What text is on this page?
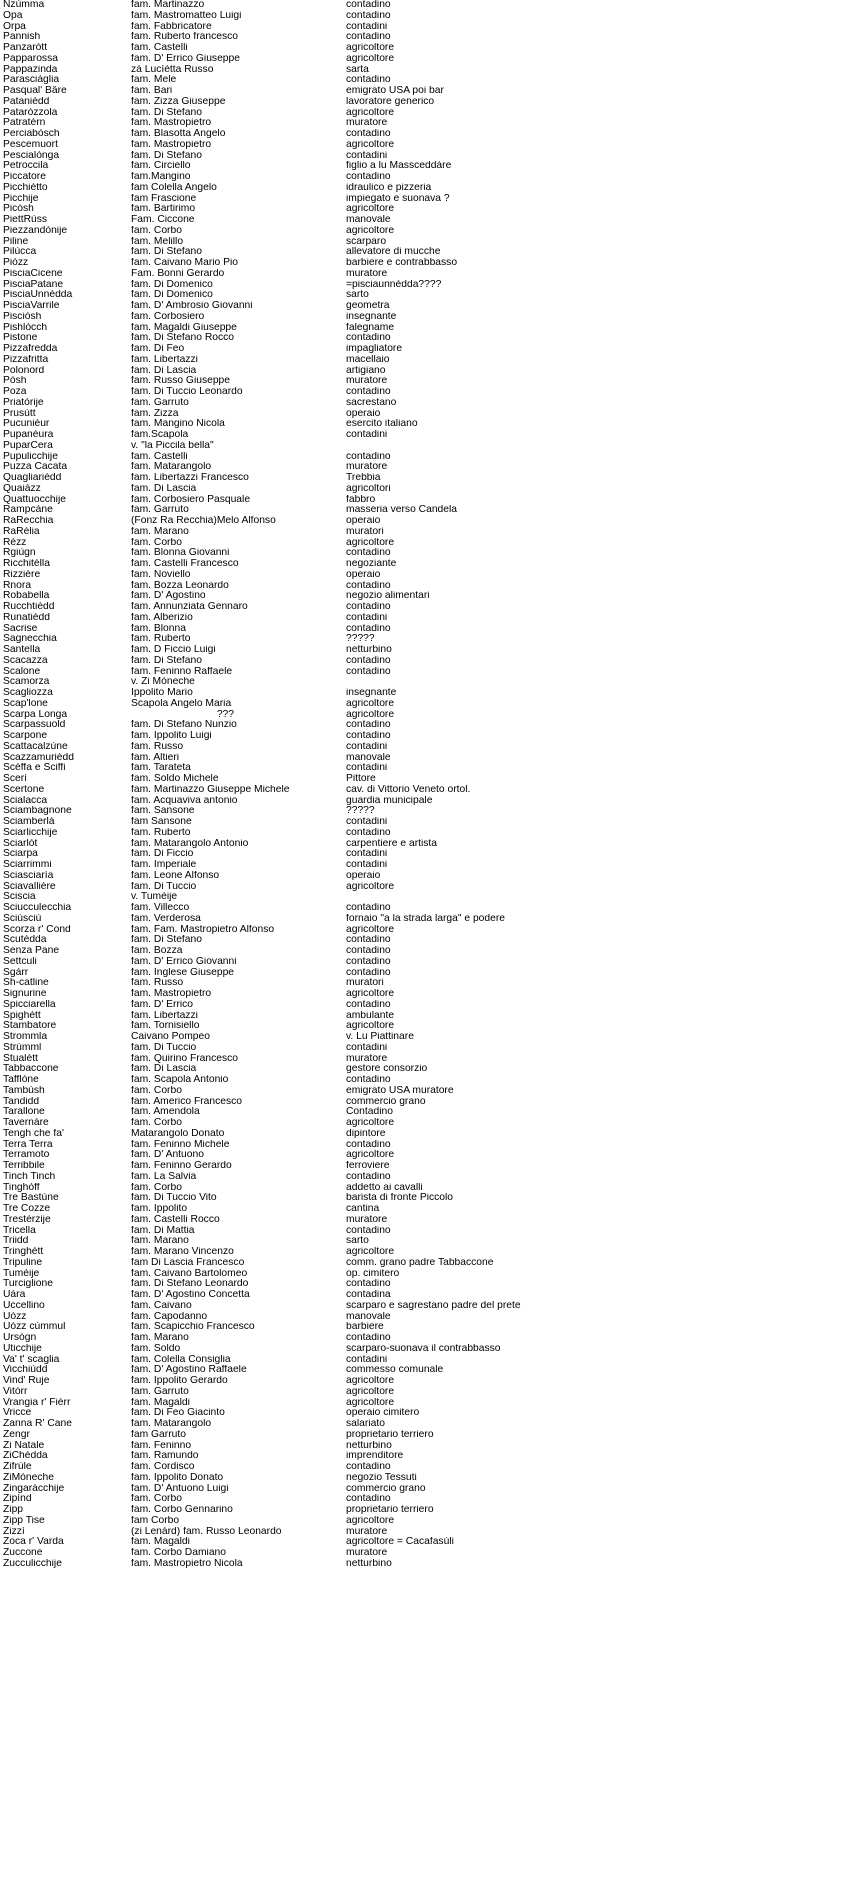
Nzùmma	fam. Martinazzo	contadino
Opa	fam. Mastromatteo Luigi	contadino
Orpa	fam. Fabbricatore	contadini
Pannish	fam. Ruberto francesco	contadino
Panzaròtt	fam. Castelli	agricoltore
Papparossa	fam. D' Errico Giuseppe	agricoltore
Pappazinda	zà Lucìètta Russo	sarta
Parasciàglia	fam. Mele	contadino
Pasqual' Bâre	fam. Bari	emigrato USA poi bar
Pataniédd	fam. Zizza Giuseppe	lavoratore generico
Pataròzzola	fam. Di Stefano	agricoltore
Patratèrn	fam. Mastropietro	muratore
Perciabòsch	fam. Blasotta Angelo	contadino
Pescemuort	fam. Mastropietro	agricoltore
Pescialònga	fam. Di Stefano	contadini
Petroccila	fam. Circiello	figlio a lu Massceddàre
Piccatore	fam.Mangino	contadino
Picchiètto	fam Colella Angelo	idraulico e pizzeria
Picchije	fam Frascione	impiegato e suonava ?
Picòsh	fam. Bartirimo	agricoltore
PiettRùss	Fam. Ciccone	manovale
Piezzandònije	fam. Corbo	agricoltore
Piline	fam. Melillo	scarparo
Pilùcca	fam. Di Stefano	allevatore di mucche
Piòzz	fam. Caivano Mario Pio	barbiere e contrabbasso
PisciaCicene	Fam. Bonni Gerardo	muratore
PisciaPatane	fam. Di Domenico	=pisciaunnèdda????
PisciaUnnèdda	fam. Di Domenico	sarto
PisciaVarrile	fam. D' Ambrosio Giovanni	geometra
Pisciòsh	fam. Corbosiero	insegnante
Pishlòcch	fam. Magaldi Giuseppe	falegname
Pistone	fam. Di Stefano Rocco	contadino
Pizzafredda	fam. Di Feo	impagliatore
Pizzafritta	fam. Libertazzi	macellaio
Polonord	fam. Di Lascia	artigiano
Pòsh	fam. Russo Giuseppe	muratore
Poza	fam. Di Tuccio Leonardo	contadino
Priatòrije	fam. Garruto	sacrestano
Prusùtt	fam. Zizza	operaio
Pucuniéur	fam. Mangino Nicola	esercito italiano
Pupanèura	fam.Scapola	contadini
PuparCera	v. "la Piccila bella"
Pupulicchije	fam. Castelli	contadino
Puzza Cacata	fam. Matarangolo	muratore
Quagliariédd	fam. Libertazzi Francesco	Trebbia
Quaiàzz	fam. Di Lascia	agricoltori
Quattuocchije	fam. Corbosiero Pasquale	fabbro
Rampcàne	fam. Garruto	masseria verso Candela
RaRecchia	(Fonz Ra Recchia)Melo Alfonso	operaio
RaRèlia	fam. Marano	muratori
Rézz	fam. Corbo	agricoltore
Rgiùgn	fam. Blonna Giovanni	contadino
Ricchitèlla	fam. Castelli Francesco	negoziante
Rizziére	fam. Noviello	operaio
Rnora	fam. Bozza Leonardo	contadino
Robabella	fam. D' Agostino	negozio alimentari
Rucchtiédd	fam. Annunziata Gennaro	contadino
Runatiédd	fam. Alberizio	contadini
Sacrise	fam. Blonna	contadino
Sagnecchia	fam. Ruberto	?????
Santella	fam. D Ficcio Luigi	netturbino
Scacazza	fam. Di Stefano	contadino
Scalone	fam. Feninno Raffaele	contadino
Scamorza	v. Zi Mòneche
Scagliozza	Ippolito Mario	insegnante
Scap'lone	Scapola Angelo Maria	agricoltore
Scarpa Longa	???	agricoltore
Scarpassuold	fam. Di Stefano Nunzio	contadino
Scarpone	fam. Ippolito Luigi	contadino
Scattacalzùne	fam. Russo	contadini
Scazzamuriédd	fam. Altieri	manovale
Scéffa e Sciffi	fam. Tarateta	contadini
Scerì	fam. Soldo Michele	Pittore
Scertone	fam. Martinazzo Giuseppe Michele	cav. di Vittorio Veneto ortol.
Scialacca	fam. Acquaviva antonio	guardia municipale
Sciambagnone	fam. Sansone	?????
Sciamberlà	fam Sansone	contadini
Sciarlicchije	fam. Ruberto	contadino
Sciarlòt	fam. Matarangolo Antonio	carpentiere e artista
Sciarpa	fam. Di Ficcio	contadini
Sciarrimmi	fam. Imperiale	contadini
Sciasciarìa	fam. Leone Alfonso	operaio
Sciavalliére	fam. Di Tuccio	agricoltore
Sciscia	v. Tumèije
Sciucculecchia	fam. Villecco	contadino
Sciùsciù	fam. Verderosa	fornaio "a la strada larga" e podere
Scorza r' Cond	fam. Fam. Mastropietro Alfonso	agricoltore
Scutèdda	fam. Di Stefano	contadino
Senza Pane	fam. Bozza	contadino
Settculi	fam. D' Errico Giovanni	contadino
Sgàrr	fam. Inglese Giuseppe	contadino
Sh-catline	fam. Russo	muratori
Signurine	fam. Mastropietro	agricoltore
Spicciarella	fam. D' Errico	contadino
Spighètt	fam. Libertazzi	ambulante
Stambatore	fam. Tornisiello	agricoltore
Strommla	Caivano Pompeo	v. Lu Piattinare
Strùmml	fam. Di Tuccio	contadini
Stualètt	fam. Quirino Francesco	muratore
Tabbaccone	fam. Di Lascia	gestore consorzio
Tafflòne	fam. Scapola Antonio	contadino
Tambùsh	fam. Corbo	emigrato USA muratore
Tandidd	fam. Americo Francesco	commercio grano
Tarallone	fam. Amendola	Contadino
Tavernàre	fam. Corbo	agricoltore
Tengh che fa'	Matarangolo Donato	dipintore
Terra Terra	fam. Feninno Michele	contadino
Terramoto	fam. D' Antuono	agricoltore
Terribbile	fam. Feninno Gerardo	ferroviere
Tinch Tinch	fam. La Salvia	contadino
Tinghòff	fam. Corbo	addetto ai cavalli
Tre Bastùne	fam. Di Tuccio Vito	barista di fronte Piccolo
Tre Cozze	fam. Ippolito	cantina
Trestèrzije	fam. Castelli Rocco	muratore
Tricella	fam. Di Mattia	contadino
Triidd	fam. Marano	sarto
Tringhètt	fam. Marano Vincenzo	agricoltore
Tripuline	fam Di Lascia Francesco	comm. grano padre Tabbaccone
Tumèije	fam. Caivano Bartolomeo	op. cimitero
Turciglione	fam. Di Stefano Leonardo	contadino
Uàra	fam. D' Agostino Concetta	contadina
Uccellino	fam. Caivano	scarparo e sagrestano padre del prete
Uòzz	fam. Capodanno	manovale
Uòzz cùmmul	fam. Scapicchio Francesco	barbiere
Ursògn	fam. Marano	contadino
Uticchije	fam. Soldo	scarparo-suonava il contrabbasso
Va' t' scaglia	fam. Colella Consiglia	contadini
Vicchiùdd	fam. D' Agostino Raffaele	commesso comunale
Vind' Ruje	fam. Ippolito Gerardo	agricoltore
Vitòrr	fam. Garruto	agricoltore
Vrangia r' Fiérr	fam. Magaldi	agricoltore
Vricce	fam. Di Feo Giacinto	operaio cimitero
Zanna R' Cane	fam. Matarangolo	salariato
Zengr	fam Garruto	proprietario terriero
Zi Natale	fam. Feninno	netturbino
ZiChèdda	fam. Ramundo	imprenditore
Zifrùle	fam. Cordisco	contadino
ZiMòneche	fam. Ippolito Donato	negozio Tessuti
Zingaràcchije	fam. D' Antuono Luigi	commercio grano
Zipìnd	fam. Corbo	contadino
Zipp	fam. Corbo Gennarino	proprietario terriero
Zipp Tise	fam Corbo	agricoltore
Zizzì	(zi Lenàrd) fam. Russo Leonardo	muratore
Zoca r' Varda	fam. Magaldi	agricoltore = Cacafasùli
Zuccone	fam. Corbo Damiano	muratore
Zucculicchije	fam. Mastropietro Nicola	netturbino
